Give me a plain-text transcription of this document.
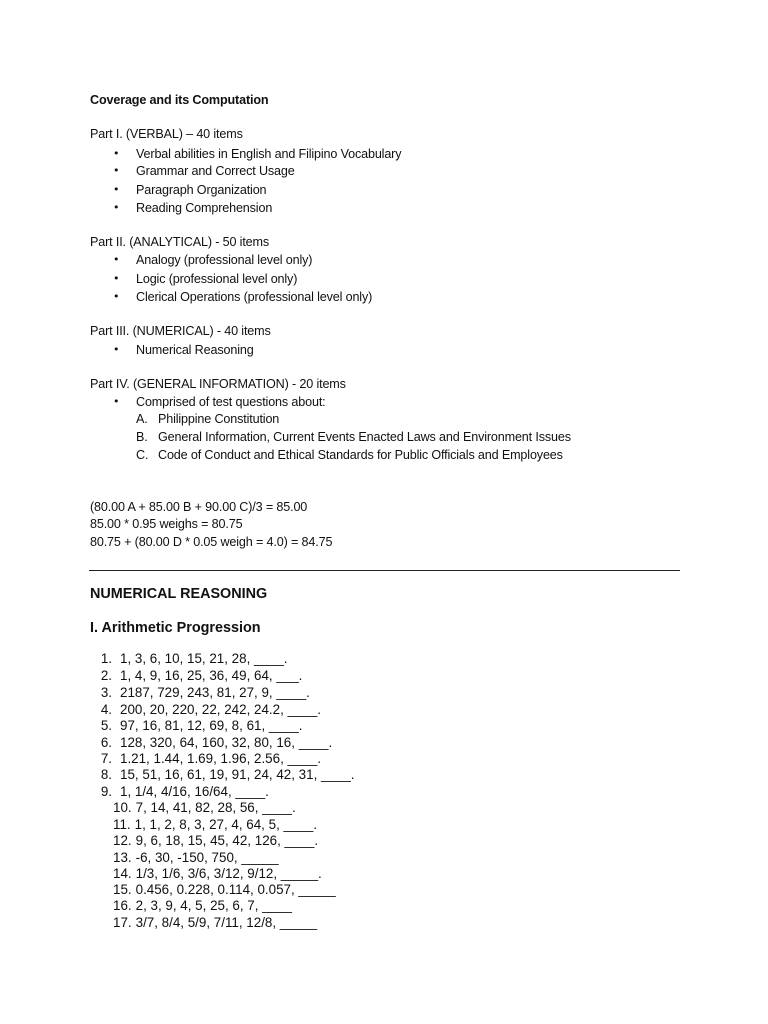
Coverage and its Computation
Part I. (VERBAL) – 40 items
• Verbal abilities in English and Filipino Vocabulary
• Grammar and Correct Usage
• Paragraph Organization
• Reading Comprehension
Part II. (ANALYTICAL) - 50 items
• Analogy (professional level only)
• Logic (professional level only)
• Clerical Operations (professional level only)
Part III. (NUMERICAL) - 40 items
• Numerical Reasoning
Part IV. (GENERAL INFORMATION) - 20 items
• Comprised of test questions about:
A. Philippine Constitution
B. General Information, Current Events Enacted Laws and Environment Issues
C. Code of Conduct and Ethical Standards for Public Officials and Employees
(80.00 A + 85.00 B + 90.00 C)/3 = 85.00
85.00 * 0.95 weighs = 80.75
80.75 + (80.00 D * 0.05 weigh = 4.0) = 84.75
NUMERICAL REASONING
I. Arithmetic Progression
1. 1, 3, 6, 10, 15, 21, 28, ____.
2. 1, 4, 9, 16, 25, 36, 49, 64, ___.
3. 2187, 729, 243, 81, 27, 9, ____.
4. 200, 20, 220, 22, 242, 24.2, ____.
5. 97, 16, 81, 12, 69, 8, 61, ____.
6. 128, 320, 64, 160, 32, 80, 16, ____.
7. 1.21, 1.44, 1.69, 1.96, 2.56, ____.
8. 15, 51, 16, 61, 19, 91, 24, 42, 31, ____.
9. 1, 1/4, 4/16, 16/64, ____.
10. 7, 14, 41, 82, 28, 56, ____.
11. 1, 1, 2, 8, 3, 27, 4, 64, 5, ____.
12. 9, 6, 18, 15, 45, 42, 126, ____.
13. -6, 30, -150, 750, _____
14. 1/3, 1/6, 3/6, 3/12, 9/12, _____.
15. 0.456, 0.228, 0.114, 0.057, _____
16. 2, 3, 9, 4, 5, 25, 6, 7, ____
17. 3/7, 8/4, 5/9, 7/11, 12/8, _____
